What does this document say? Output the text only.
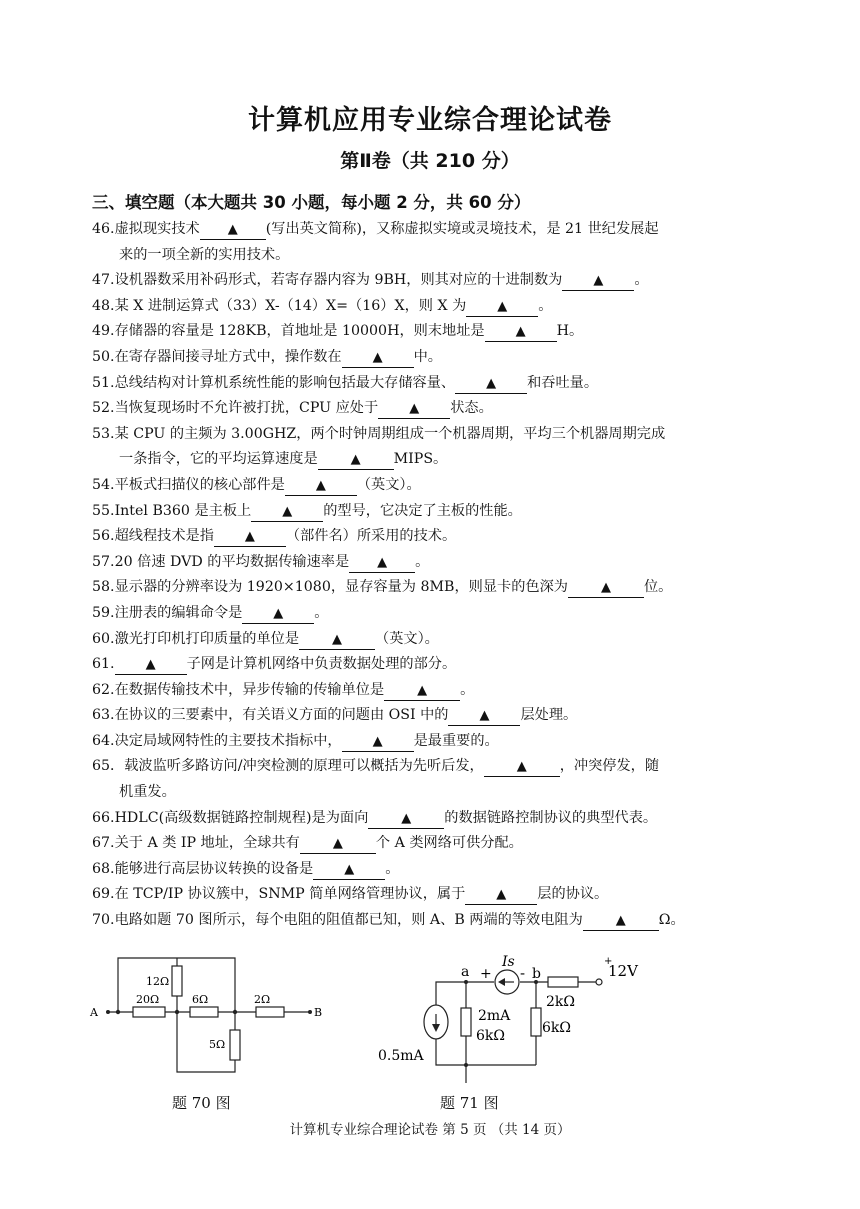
计算机应用专业综合理论试卷
第Ⅱ卷（共 210 分）
三、填空题（本大题共 30 小题，每小题 2 分，共 60 分）
46.虚拟现实技术 ▲ (写出英文简称)，又称虚拟实境或灵境技术，是 21 世纪发展起
来的一项全新的实用技术。
47.设机器数采用补码形式，若寄存器内容为 9BH，则其对应的十进制数为 ▲ 。
48.某 X 进制运算式（33）X-（14）X=（16）X，则 X 为 ▲ 。
49.存储器的容量是 128KB，首地址是 10000H，则末地址是 ▲ H。
50.在寄存器间接寻址方式中，操作数在 ▲ 中。
51.总线结构对计算机系统性能的影响包括最大存储容量、 ▲ 和吞吐量。
52.当恢复现场时不允许被打扰，CPU 应处于 ▲ 状态。
53.某 CPU 的主频为 3.00GHZ，两个时钟周期组成一个机器周期，平均三个机器周期完成
一条指令，它的平均运算速度是	▲ MIPS。
54.平板式扫描仪的核心部件是 ▲ （英文）。
55.Intel B360 是主板上 ▲ 的型号，它决定了主板的性能。
56.超线程技术是指 ▲ （部件名）所采用的技术。
57.20 倍速 DVD 的平均数据传输速率是 ▲ 。
58.显示器的分辨率设为 1920×1080，显存容量为 8MB，则显卡的色深为	▲ 位。
59.注册表的编辑命令是 ▲ 。
60.激光打印机打印质量的单位是	▲ （英文）。
61. ▲ 子网是计算机网络中负责数据处理的部分。
62.在数据传输技术中，异步传输的传输单位是	▲ 。
63.在协议的三要素中，有关语义方面的问题由 OSI 中的 ▲ 层处理。
64.决定局域网特性的主要技术指标中， ▲ 是最重要的。
65．载波监听多路访问/冲突检测的原理可以概括为先听后发，	▲ ，冲突停发，随
机重发。
66.HDLC(高级数据链路控制规程)是为面向	▲ 的数据链路控制协议的典型代表。
67.关于 A 类 IP 地址，全球共有	▲ 个 A 类网络可供分配。
68.能够进行高层协议转换的设备是 ▲ 。
69.在 TCP/IP 协议簇中，SNMP 简单网络管理协议，属于 ▲ 层的协议。
70.电路如题 70 图所示，每个电阻的阻值都已知，则 A、B 两端的等效电阻为	▲ Ω。
A	B
12Ω
20Ω	6Ω	2Ω
5Ω
题 70 图
a + - b
Is	+
12V
0.5mA
2mA
6kΩ
2kΩ
6kΩ
题 71 图
计算机专业综合理论试卷 第 5 页 （共 14 页）
